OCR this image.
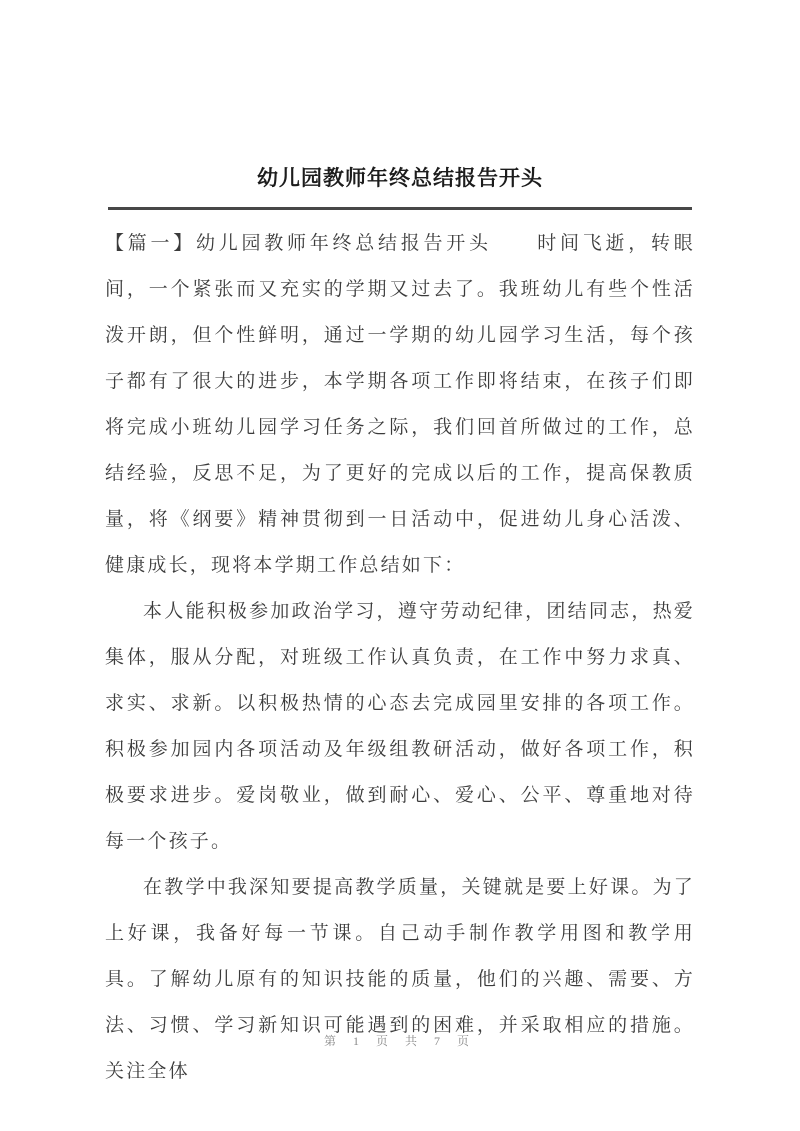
幼儿园教师年终总结报告开头

【篇一】幼儿园教师年终总结报告开头　　时间飞逝，转眼间，一个紧张而又充实的学期又过去了。我班幼儿有些个性活泼开朗，但个性鲜明，通过一学期的幼儿园学习生活，每个孩子都有了很大的进步，本学期各项工作即将结束，在孩子们即将完成小班幼儿园学习任务之际，我们回首所做过的工作，总结经验，反思不足，为了更好的完成以后的工作，提高保教质量，将《纲要》精神贯彻到一日活动中，促进幼儿身心活泼、健康成长，现将本学期工作总结如下：

本人能积极参加政治学习，遵守劳动纪律，团结同志，热爱集体，服从分配，对班级工作认真负责，在工作中努力求真、求实、求新。以积极热情的心态去完成园里安排的各项工作。积极参加园内各项活动及年级组教研活动，做好各项工作，积极要求进步。爱岗敬业，做到耐心、爱心、公平、尊重地对待每一个孩子。

在教学中我深知要提高教学质量，关键就是要上好课。为了上好课，我备好每一节课。自己动手制作教学用图和教学用具。了解幼儿原有的知识技能的质量，他们的兴趣、需要、方法、习惯、学习新知识可能遇到的困难，并采取相应的措施。关注全体

第 1 页 共 7 页
